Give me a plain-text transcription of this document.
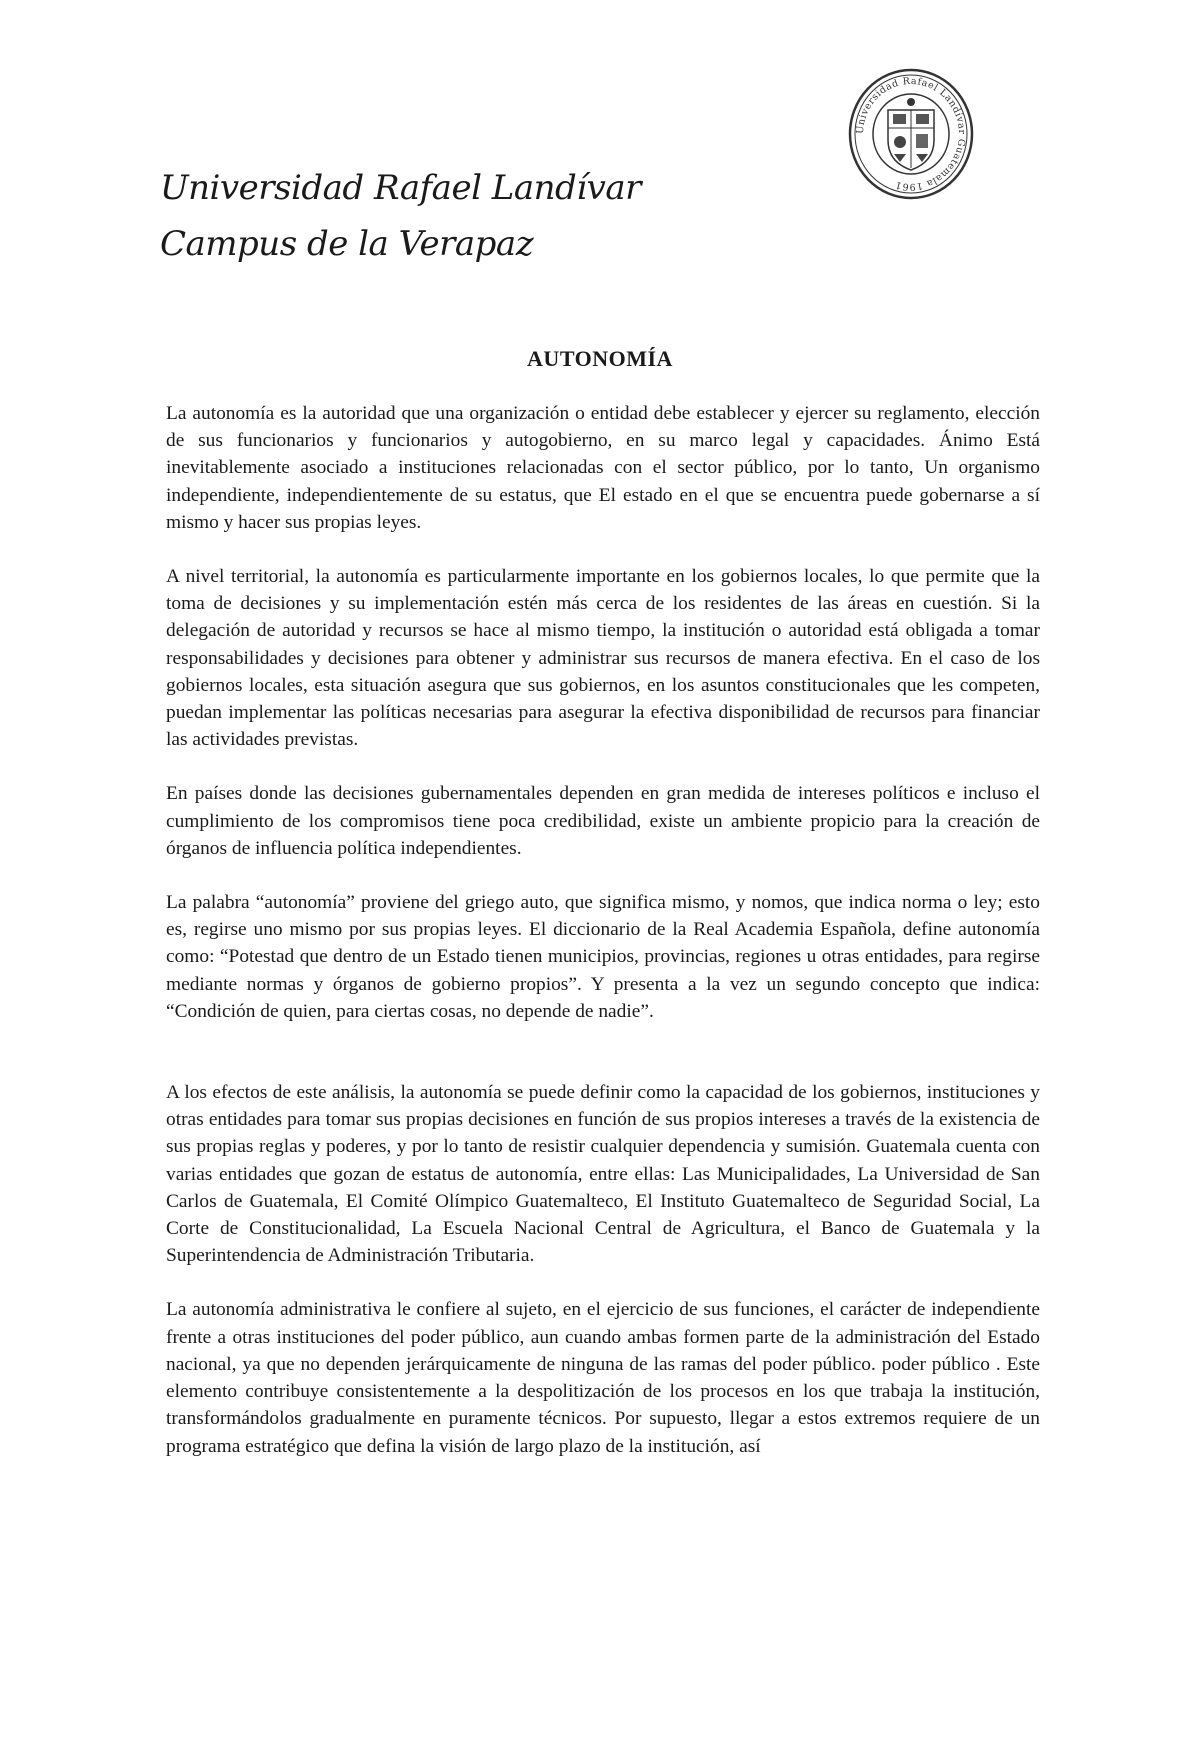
Universidad Rafael Landívar
Campus de la Verapaz
Universidad Rafael Landívar Guatemala 1961
AUTONOMÍA

La autonomía es la autoridad que una organización o entidad debe establecer y ejercer su reglamento, elección de sus funcionarios y funcionarios y autogobierno, en su marco legal y capacidades. Ánimo Está inevitablemente asociado a instituciones relacionadas con el sector público, por lo tanto, Un organismo independiente, independientemente de su estatus, que El estado en el que se encuentra puede gobernarse a sí mismo y hacer sus propias leyes.

A nivel territorial, la autonomía es particularmente importante en los gobiernos locales, lo que permite que la toma de decisiones y su implementación estén más cerca de los residentes de las áreas en cuestión. Si la delegación de autoridad y recursos se hace al mismo tiempo, la institución o autoridad está obligada a tomar responsabilidades y decisiones para obtener y administrar sus recursos de manera efectiva. En el caso de los gobiernos locales, esta situación asegura que sus gobiernos, en los asuntos constitucionales que les competen, puedan implementar las políticas necesarias para asegurar la efectiva disponibilidad de recursos para financiar las actividades previstas.

En países donde las decisiones gubernamentales dependen en gran medida de intereses políticos e incluso el cumplimiento de los compromisos tiene poca credibilidad, existe un ambiente propicio para la creación de órganos de influencia política independientes.

La palabra “autonomía” proviene del griego auto, que significa mismo, y nomos, que indica norma o ley; esto es, regirse uno mismo por sus propias leyes. El diccionario de la Real Academia Española, define autonomía como: “Potestad que dentro de un Estado tienen municipios, provincias, regiones u otras entidades, para regirse mediante normas y órganos de gobierno propios”. Y presenta a la vez un segundo concepto que indica: “Condición de quien, para ciertas cosas, no depende de nadie”.

A los efectos de este análisis, la autonomía se puede definir como la capacidad de los gobiernos, instituciones y otras entidades para tomar sus propias decisiones en función de sus propios intereses a través de la existencia de sus propias reglas y poderes, y por lo tanto de resistir cualquier dependencia y sumisión. Guatemala cuenta con varias entidades que gozan de estatus de autonomía, entre ellas: Las Municipalidades, La Universidad de San Carlos de Guatemala, El Comité Olímpico Guatemalteco, El Instituto Guatemalteco de Seguridad Social, La Corte de Constitucionalidad, La Escuela Nacional Central de Agricultura, el Banco de Guatemala y la Superintendencia de Administración Tributaria.

La autonomía administrativa le confiere al sujeto, en el ejercicio de sus funciones, el carácter de independiente frente a otras instituciones del poder público, aun cuando ambas formen parte de la administración del Estado nacional, ya que no dependen jerárquicamente de ninguna de las ramas del poder público. poder público . Este elemento contribuye consistentemente a la despolitización de los procesos en los que trabaja la institución, transformándolos gradualmente en puramente técnicos. Por supuesto, llegar a estos extremos requiere de un programa estratégico que defina la visión de largo plazo de la institución, así
